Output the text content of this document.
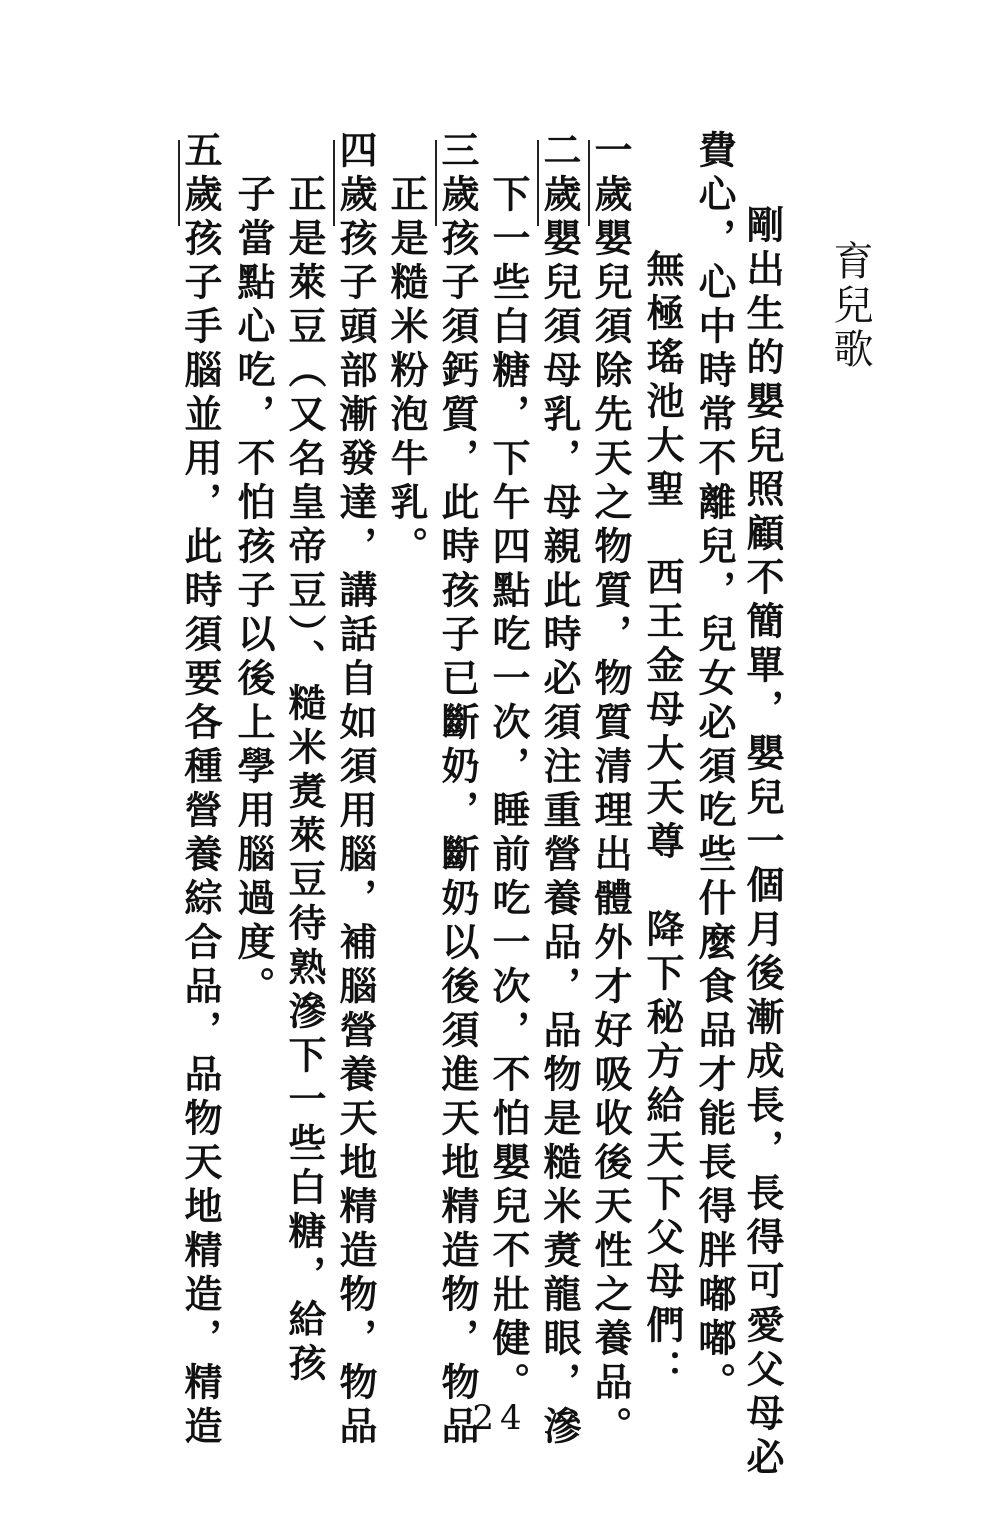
育兒歌
剛出生的嬰兒照顧不簡單，嬰兒一個月後漸成長，長得可愛父母必
費心，心中時常不離兒，兒女必須吃些什麼食品才能長得胖嘟嘟。
　無極瑤池大聖　西王金母大天尊　降下秘方給天下父母們：
一歲嬰兒須除先天之物質，物質清理出體外才好吸收後天性之養品。
二歲嬰兒須母乳，母親此時必須注重營養品，品物是糙米煑龍眼，滲
　下一些白糖，下午四點吃一次，睡前吃一次，不怕嬰兒不壯健。
三歲孩子須鈣質，此時孩子已斷奶，斷奶以後須進天地精造物，物品
　正是糙米粉泡牛乳。
四歲孩子頭部漸發達，講話自如須用腦，補腦營養天地精造物，物品
　正是萊豆（又名皇帝豆）、糙米煑萊豆待熟滲下一些白糖，給孩
　子當點心吃，不怕孩子以後上學用腦過度。
五歲孩子手腦並用，此時須要各種營養綜合品，品物天地精造，精造	24
